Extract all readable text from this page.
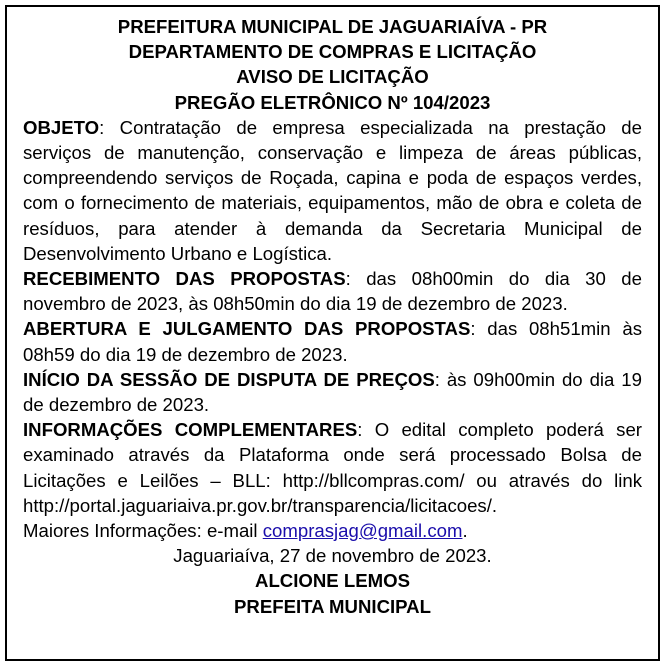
PREFEITURA MUNICIPAL DE JAGUARIAÍVA - PR
DEPARTAMENTO DE COMPRAS E LICITAÇÃO
AVISO DE LICITAÇÃO
PREGÃO ELETRÔNICO Nº 104/2023

OBJETO: Contratação de empresa especializada na prestação de serviços de manutenção, conservação e limpeza de áreas públicas, compreendendo serviços de Roçada, capina e poda de espaços verdes, com o fornecimento de materiais, equipamentos, mão de obra e coleta de resíduos, para atender à demanda da Secretaria Municipal de Desenvolvimento Urbano e Logística.

RECEBIMENTO DAS PROPOSTAS: das 08h00min do dia 30 de novembro de 2023, às 08h50min do dia 19 de dezembro de 2023.

ABERTURA E JULGAMENTO DAS PROPOSTAS: das 08h51min às 08h59 do dia 19 de dezembro de 2023.

INÍCIO DA SESSÃO DE DISPUTA DE PREÇOS: às 09h00min do dia 19 de dezembro de 2023.

INFORMAÇÕES COMPLEMENTARES: O edital completo poderá ser examinado através da Plataforma onde será processado Bolsa de Licitações e Leilões – BLL: http://bllcompras.com/ ou através do link http://portal.jaguariaiva.pr.gov.br/transparencia/licitacoes/.

Maiores Informações: e-mail comprasjag@gmail.com.

Jaguariaíva, 27 de novembro de 2023.
ALCIONE LEMOS
PREFEITA MUNICIPAL
